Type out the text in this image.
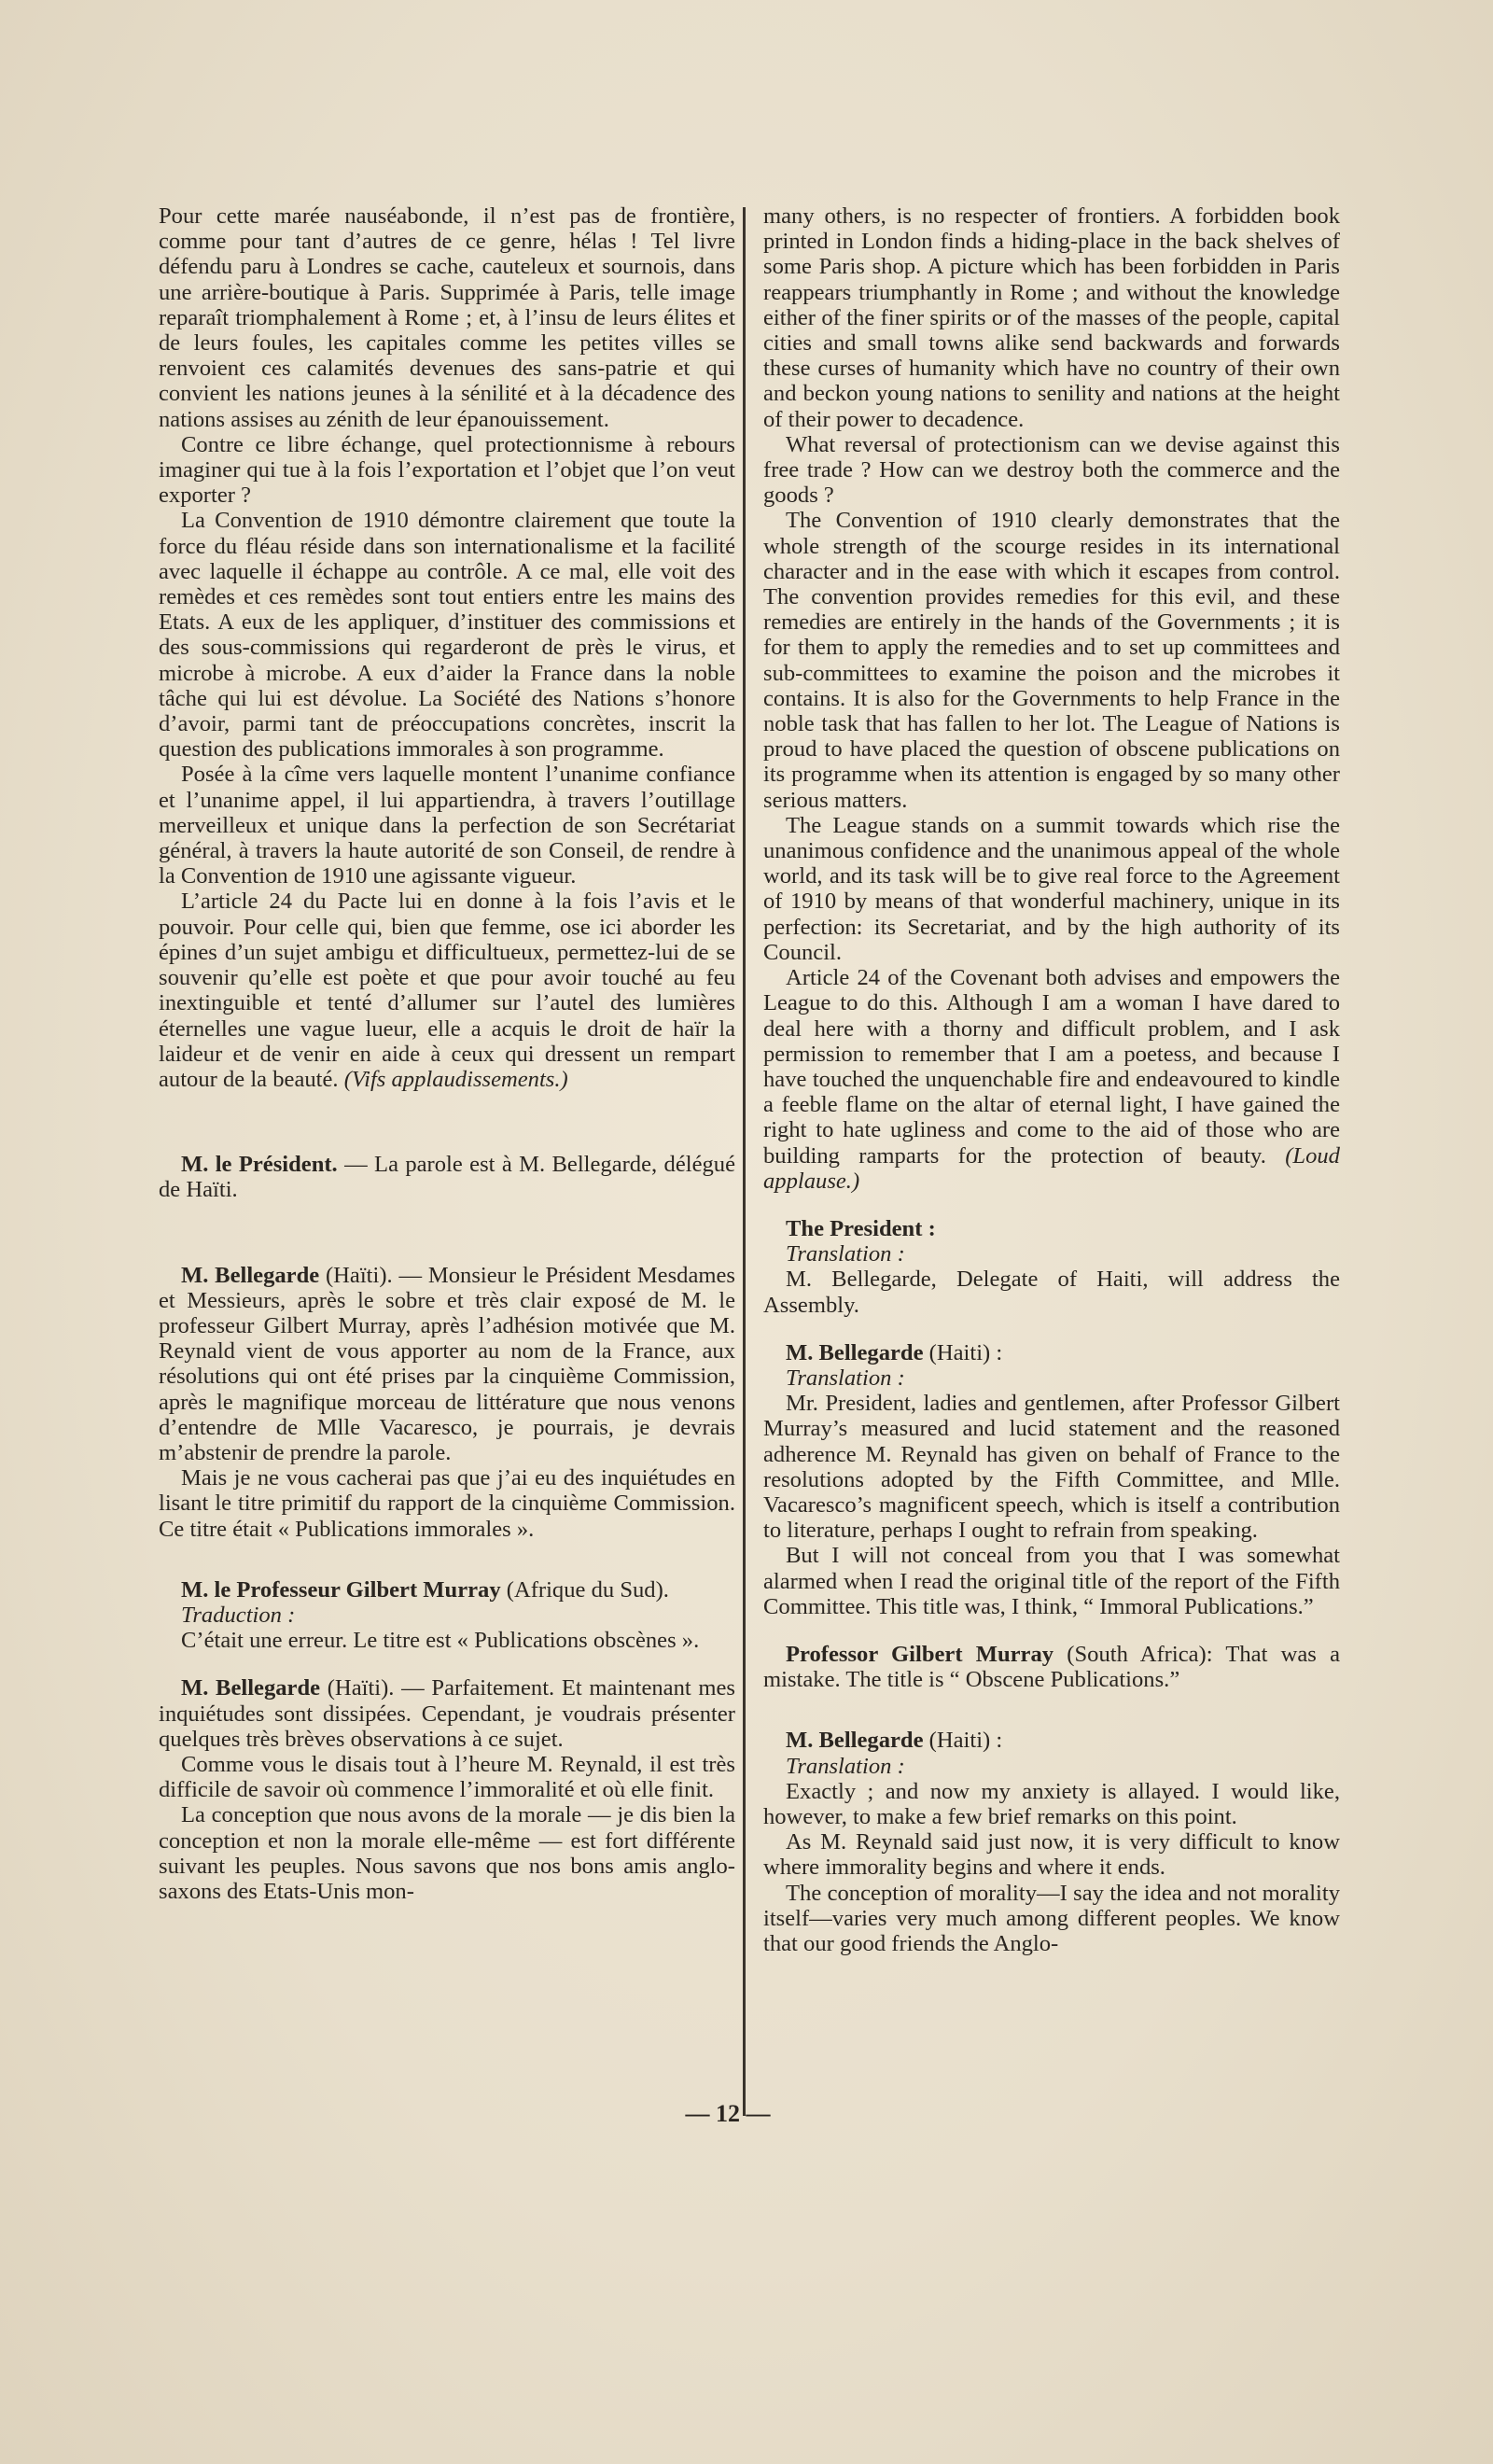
Pour cette marée nauséabonde, il n’est pas de frontière, comme pour tant d’autres de ce genre, hélas ! Tel livre défendu paru à Londres se cache, cauteleux et sournois, dans une arrière-boutique à Paris. Supprimée à Paris, telle image reparaît triomphalement à Rome ; et, à l’insu de leurs élites et de leurs foules, les capitales comme les petites villes se renvoient ces calamités devenues des sans-patrie et qui convient les nations jeunes à la sénilité et à la décadence des nations assises au zénith de leur épanouissement.

Contre ce libre échange, quel protectionnisme à rebours imaginer qui tue à la fois l’exportation et l’objet que l’on veut exporter ?

La Convention de 1910 démontre clairement que toute la force du fléau réside dans son internationalisme et la facilité avec laquelle il échappe au contrôle. A ce mal, elle voit des remèdes et ces remèdes sont tout entiers entre les mains des Etats. A eux de les appliquer, d’instituer des commissions et des sous-commissions qui regarderont de près le virus, et microbe à microbe. A eux d’aider la France dans la noble tâche qui lui est dévolue. La Société des Nations s’honore d’avoir, parmi tant de préoccupations concrètes, inscrit la question des publications immorales à son programme.

Posée à la cîme vers laquelle montent l’unanime confiance et l’unanime appel, il lui appartiendra, à travers l’outillage merveilleux et unique dans la perfection de son Secrétariat général, à travers la haute autorité de son Conseil, de rendre à la Convention de 1910 une agissante vigueur.

L’article 24 du Pacte lui en donne à la fois l’avis et le pouvoir. Pour celle qui, bien que femme, ose ici aborder les épines d’un sujet ambigu et difficultueux, permettez-lui de se souvenir qu’elle est poète et que pour avoir touché au feu inextinguible et tenté d’allumer sur l’autel des lumières éternelles une vague lueur, elle a acquis le droit de haïr la laideur et de venir en aide à ceux qui dressent un rempart autour de la beauté. (Vifs applaudissements.)

M. le Président. — La parole est à M. Bellegarde, délégué de Haïti.

M. Bellegarde (Haïti). — Monsieur le Président Mesdames et Messieurs, après le sobre et très clair exposé de M. le professeur Gilbert Murray, après l’adhésion motivée que M. Reynald vient de vous apporter au nom de la France, aux résolutions qui ont été prises par la cinquième Commission, après le magnifique morceau de littérature que nous venons d’entendre de Mlle Vacaresco, je pourrais, je devrais m’abstenir de prendre la parole.

Mais je ne vous cacherai pas que j’ai eu des inquiétudes en lisant le titre primitif du rapport de la cinquième Commission. Ce titre était « Publications immorales ».

M. le Professeur Gilbert Murray (Afrique du Sud).

Traduction :

C’était une erreur. Le titre est « Publications obscènes ».

M. Bellegarde (Haïti). — Parfaitement. Et maintenant mes inquiétudes sont dissipées. Cependant, je voudrais présenter quelques très brèves observations à ce sujet.

Comme vous le disais tout à l’heure M. Reynald, il est très difficile de savoir où commence l’immoralité et où elle finit.

La conception que nous avons de la morale — je dis bien la conception et non la morale elle-même — est fort différente suivant les peuples. Nous savons que nos bons amis anglo-saxons des Etats-Unis mon-

many others, is no respecter of frontiers. A forbidden book printed in London finds a hiding-place in the back shelves of some Paris shop. A picture which has been forbidden in Paris reappears triumphantly in Rome ; and without the knowledge either of the finer spirits or of the masses of the people, capital cities and small towns alike send backwards and forwards these curses of humanity which have no country of their own and beckon young nations to senility and nations at the height of their power to decadence.

What reversal of protectionism can we devise against this free trade ? How can we destroy both the commerce and the goods ?

The Convention of 1910 clearly demonstrates that the whole strength of the scourge resides in its international character and in the ease with which it escapes from control. The convention provides remedies for this evil, and these remedies are entirely in the hands of the Governments ; it is for them to apply the remedies and to set up committees and sub-committees to examine the poison and the microbes it contains. It is also for the Governments to help France in the noble task that has fallen to her lot. The League of Nations is proud to have placed the question of obscene publications on its programme when its attention is engaged by so many other serious matters.

The League stands on a summit towards which rise the unanimous confidence and the unanimous appeal of the whole world, and its task will be to give real force to the Agreement of 1910 by means of that wonderful machinery, unique in its perfection: its Secretariat, and by the high authority of its Council.

Article 24 of the Covenant both advises and empowers the League to do this. Although I am a woman I have dared to deal here with a thorny and difficult problem, and I ask permission to remember that I am a poetess, and because I have touched the unquenchable fire and endeavoured to kindle a feeble flame on the altar of eternal light, I have gained the right to hate ugliness and come to the aid of those who are building ramparts for the protection of beauty. (Loud applause.)

The President :

Translation :

M. Bellegarde, Delegate of Haiti, will address the Assembly.

M. Bellegarde (Haiti) :

Translation :

Mr. President, ladies and gentlemen, after Professor Gilbert Murray’s measured and lucid statement and the reasoned adherence M. Reynald has given on behalf of France to the resolutions adopted by the Fifth Committee, and Mlle. Vacaresco’s magnificent speech, which is itself a contribution to literature, perhaps I ought to refrain from speaking.

But I will not conceal from you that I was somewhat alarmed when I read the original title of the report of the Fifth Committee. This title was, I think, “ Immoral Publications.”

Professor Gilbert Murray (South Africa): That was a mistake. The title is “ Obscene Publications.”

M. Bellegarde (Haiti) :

Translation :

Exactly ; and now my anxiety is allayed. I would like, however, to make a few brief remarks on this point.

As M. Reynald said just now, it is very difficult to know where immorality begins and where it ends.

The conception of morality—I say the idea and not morality itself—varies very much among different peoples. We know that our good friends the Anglo-

— 12 —
